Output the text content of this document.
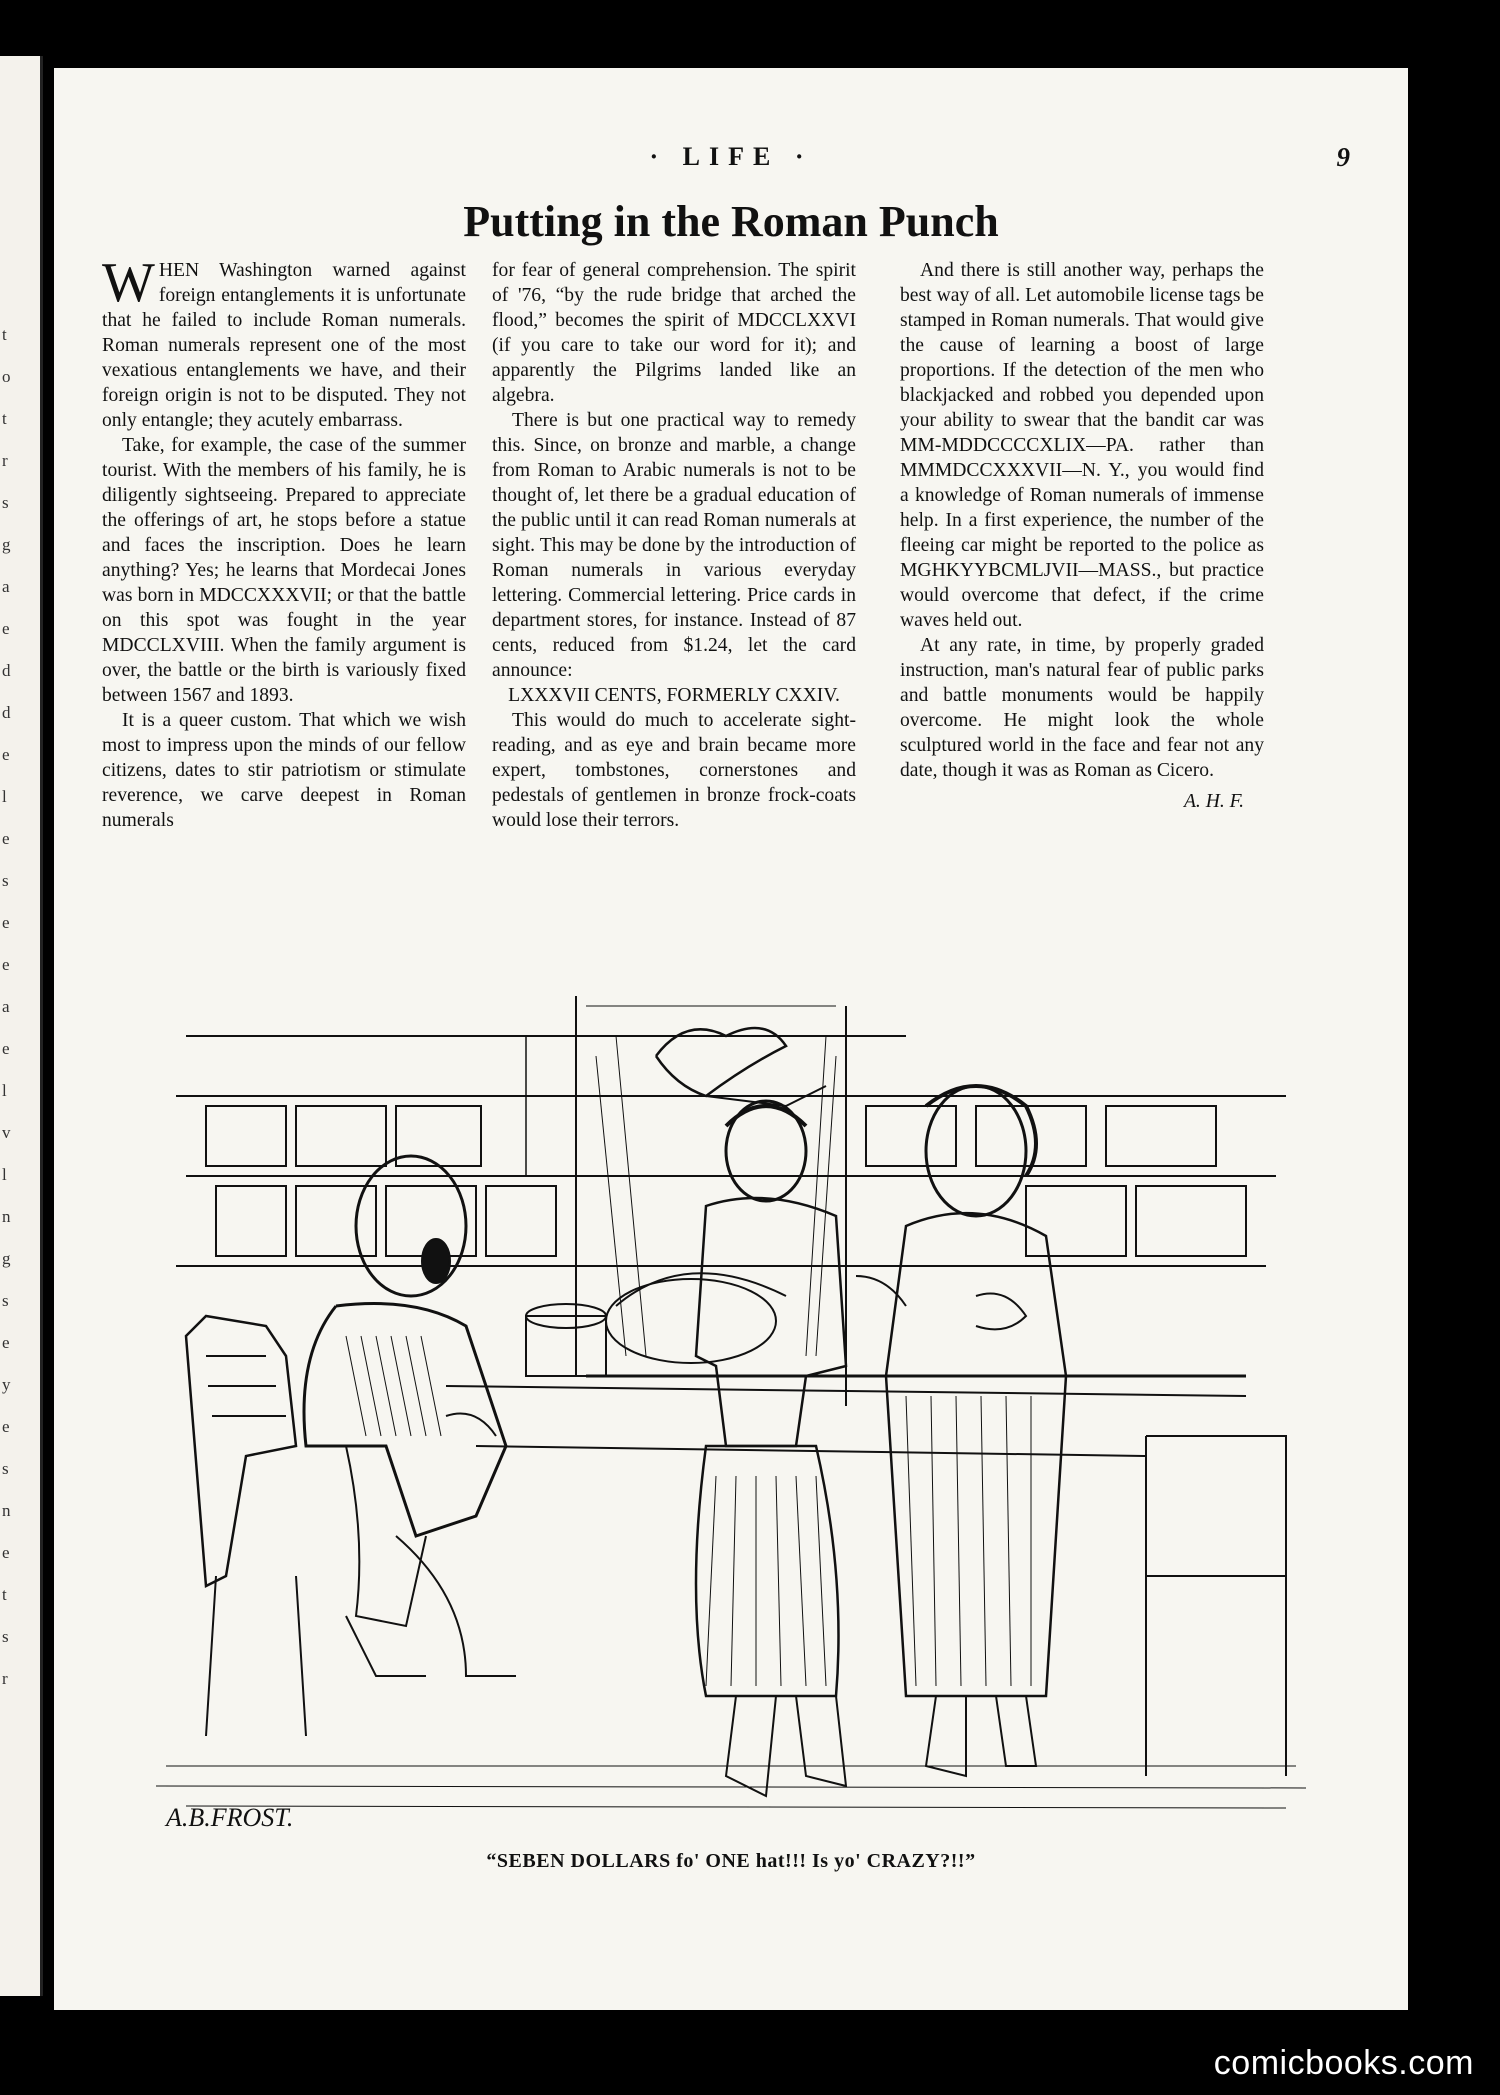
t
o
t
r
s
g
a
e
d
d
e
l
e
s
e
e
a
e
l
v
l
n
g
s
e
y
e
s
n
e
t
s
r
· LIFE ·	9
Putting in the Roman Punch

WHEN Washington warned against foreign entanglements it is unfortunate that he failed to include Roman numerals. Roman numerals represent one of the most vexatious entanglements we have, and their foreign origin is not to be disputed. They not only entangle; they acutely embarrass.

Take, for example, the case of the summer tourist. With the members of his family, he is diligently sightseeing. Prepared to appreciate the offerings of art, he stops before a statue and faces the inscription. Does he learn anything? Yes; he learns that Mordecai Jones was born in MDCCXXXVII; or that the battle on this spot was fought in the year MDCCLXVIII. When the family argument is over, the battle or the birth is variously fixed between 1567 and 1893.

It is a queer custom. That which we wish most to impress upon the minds of our fellow citizens, dates to stir patriotism or stimulate reverence, we carve deepest in Roman numerals

for fear of general comprehension. The spirit of '76, “by the rude bridge that arched the flood,” becomes the spirit of MDCCLXXVI (if you care to take our word for it); and apparently the Pilgrims landed like an algebra.

There is but one practical way to remedy this. Since, on bronze and marble, a change from Roman to Arabic numerals is not to be thought of, let there be a gradual education of the public until it can read Roman numerals at sight. This may be done by the introduction of Roman numerals in various everyday lettering. Commercial lettering. Price cards in department stores, for instance. Instead of 87 cents, reduced from $1.24, let the card announce:

LXXXVII CENTS, FORMERLY CXXIV.

This would do much to accelerate sight-reading, and as eye and brain became more expert, tombstones, cornerstones and pedestals of gentlemen in bronze frock-coats would lose their terrors.

And there is still another way, perhaps the best way of all. Let automobile license tags be stamped in Roman numerals. That would give the cause of learning a boost of large proportions. If the detection of the men who blackjacked and robbed you depended upon your ability to swear that the bandit car was MM-MDDCCCCXLIX—PA. rather than MMMDCCXXXVII—N. Y., you would find a knowledge of Roman numerals of immense help. In a first experience, the number of the fleeing car might be reported to the police as MGHKYYBCMLJVII—MASS., but practice would overcome that defect, if the crime waves held out.

At any rate, in time, by properly graded instruction, man's natural fear of public parks and battle monuments would be happily overcome. He might look the whole sculptured world in the face and fear not any date, though it was as Roman as Cicero.

A. H. F.

A.B.FROST.
“SEBEN DOLLARS fo' ONE hat!!! Is yo' CRAZY?!!”
comicbooks.com
